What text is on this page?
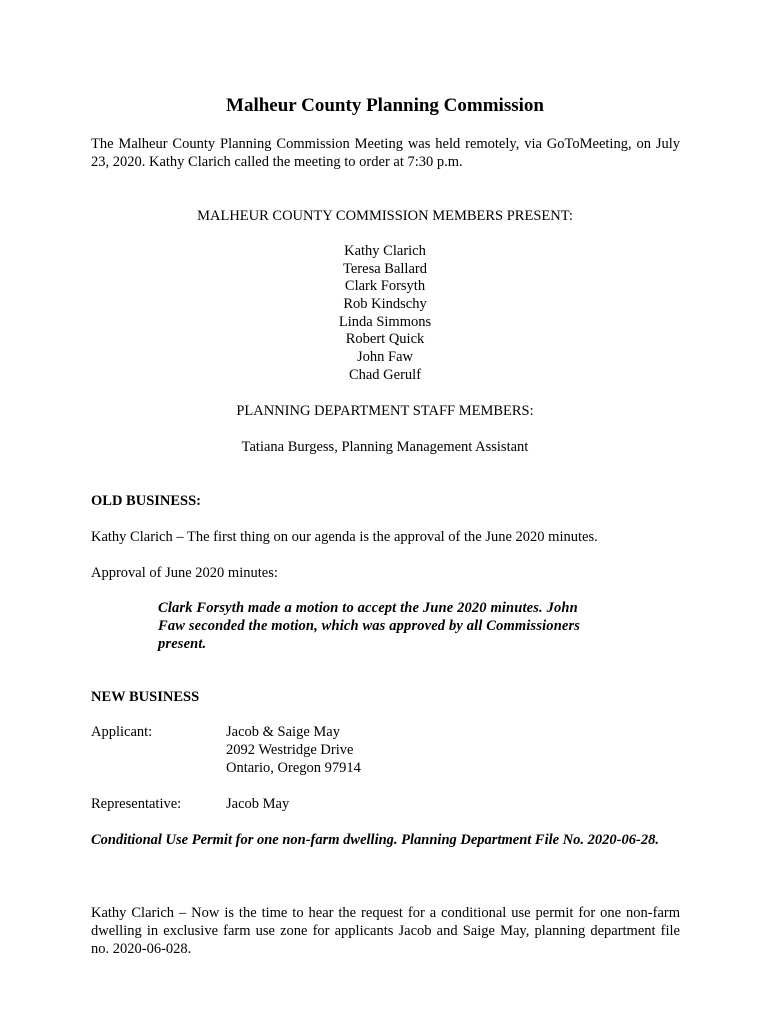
Malheur County Planning Commission
The Malheur County Planning Commission Meeting was held remotely, via GoToMeeting, on July 23, 2020. Kathy Clarich called the meeting to order at 7:30 p.m.
MALHEUR COUNTY COMMISSION MEMBERS PRESENT:
Kathy Clarich
Teresa Ballard
Clark Forsyth
Rob Kindschy
Linda Simmons
Robert Quick
John Faw
Chad Gerulf
PLANNING DEPARTMENT STAFF MEMBERS:
Tatiana Burgess, Planning Management Assistant
OLD BUSINESS:
Kathy Clarich – The first thing on our agenda is the approval of the June 2020 minutes.
Approval of June 2020 minutes:
Clark Forsyth made a motion to accept the June 2020 minutes. John Faw seconded the motion, which was approved by all Commissioners present.
NEW BUSINESS
Applicant:	Jacob & Saige May
2092 Westridge Drive
Ontario, Oregon 97914
Representative:	Jacob May
Conditional Use Permit for one non-farm dwelling. Planning Department File No. 2020-06-28.
Kathy Clarich – Now is the time to hear the request for a conditional use permit for one non-farm dwelling in exclusive farm use zone for applicants Jacob and Saige May, planning department file no. 2020-06-028.
